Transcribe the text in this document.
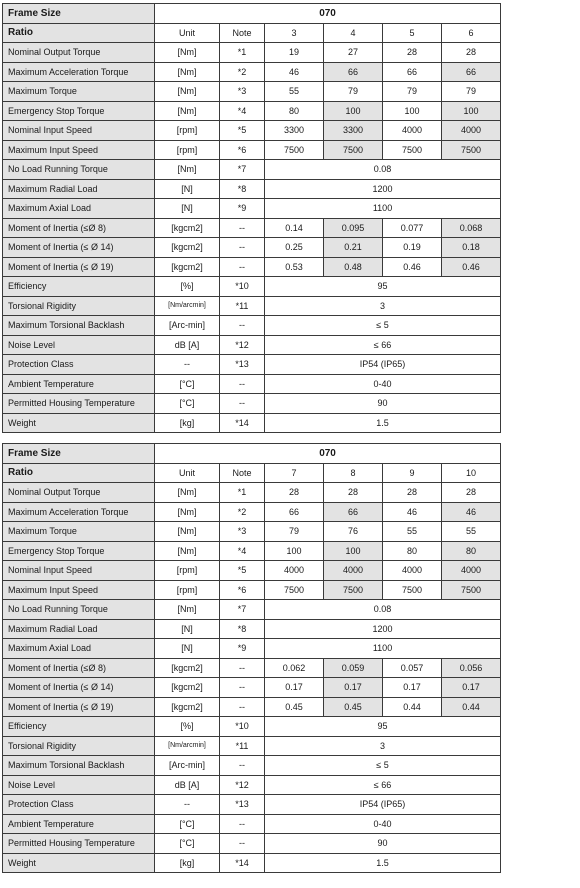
Frame Size	070					
Ratio	Unit	Note	3	4	5	6
Nominal Output Torque	[Nm]	*1	19	27	28	28
Maximum Acceleration Torque	[Nm]	*2	46	66	66	66
Maximum Torque	[Nm]	*3	55	79	79	79
Emergency Stop Torque	[Nm]	*4	80	100	100	100
Nominal Input Speed	[rpm]	*5	3300	3300	4000	4000
Maximum Input Speed	[rpm]	*6	7500	7500	7500	7500
No Load Running Torque	[Nm]	*7	0.08			
Maximum Radial Load	[N]	*8	1200			
Maximum Axial Load	[N]	*9	1100			
Moment of Inertia (≤Ø 8)	[kgcm2]	--	0.14	0.095	0.077	0.068
Moment of Inertia (≤ Ø 14)	[kgcm2]	--	0.25	0.21	0.19	0.18
Moment of Inertia (≤ Ø 19)	[kgcm2]	--	0.53	0.48	0.46	0.46
Efficiency	[%]	*10	95			
Torsional Rigidity	[Nm/arcmin]	*11	3			
Maximum Torsional Backlash	[Arc-min]	--	≤ 5			
Noise Level	dB [A]	*12	≤ 66			
Protection Class	--	*13	IP54 (IP65)			
Ambient Temperature	[°C]	--	0-40			
Permitted Housing Temperature	[°C]	--	90			
Weight	[kg]	*14	1.5			
Frame Size	070					
Ratio	Unit	Note	7	8	9	10
Nominal Output Torque	[Nm]	*1	28	28	28	28
Maximum Acceleration Torque	[Nm]	*2	66	66	46	46
Maximum Torque	[Nm]	*3	79	76	55	55
Emergency Stop Torque	[Nm]	*4	100	100	80	80
Nominal Input Speed	[rpm]	*5	4000	4000	4000	4000
Maximum Input Speed	[rpm]	*6	7500	7500	7500	7500
No Load Running Torque	[Nm]	*7	0.08			
Maximum Radial Load	[N]	*8	1200			
Maximum Axial Load	[N]	*9	1100			
Moment of Inertia (≤Ø 8)	[kgcm2]	--	0.062	0.059	0.057	0.056
Moment of Inertia (≤ Ø 14)	[kgcm2]	--	0.17	0.17	0.17	0.17
Moment of Inertia (≤ Ø 19)	[kgcm2]	--	0.45	0.45	0.44	0.44
Efficiency	[%]	*10	95			
Torsional Rigidity	[Nm/arcmin]	*11	3			
Maximum Torsional Backlash	[Arc-min]	--	≤ 5			
Noise Level	dB [A]	*12	≤ 66			
Protection Class	--	*13	IP54 (IP65)			
Ambient Temperature	[°C]	--	0-40			
Permitted Housing Temperature	[°C]	--	90			
Weight	[kg]	*14	1.5			
